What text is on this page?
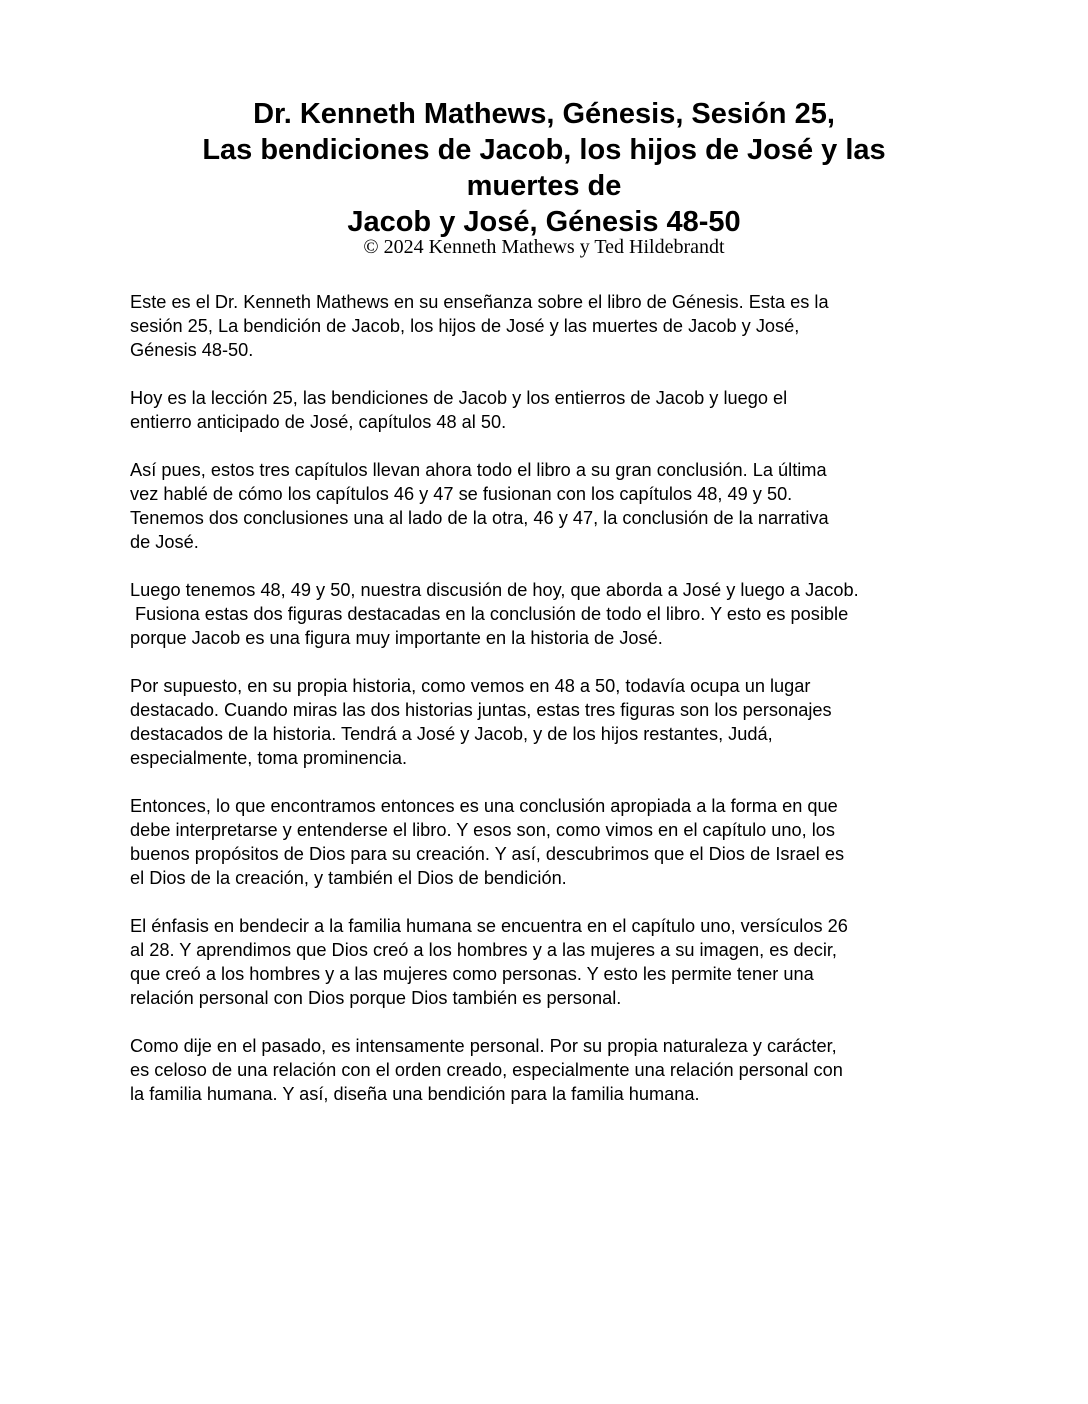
Dr. Kenneth Mathews, Génesis, Sesión 25,
Las bendiciones de Jacob, los hijos de José y las
muertes de
Jacob y José, Génesis 48-50
© 2024 Kenneth Mathews y Ted Hildebrandt

Este es el Dr. Kenneth Mathews en su enseñanza sobre el libro de Génesis. Esta es la
sesión 25, La bendición de Jacob, los hijos de José y las muertes de Jacob y José,
Génesis 48-50.

Hoy es la lección 25, las bendiciones de Jacob y los entierros de Jacob y luego el
entierro anticipado de José, capítulos 48 al 50.

Así pues, estos tres capítulos llevan ahora todo el libro a su gran conclusión. La última
vez hablé de cómo los capítulos 46 y 47 se fusionan con los capítulos 48, 49 y 50.
Tenemos dos conclusiones una al lado de la otra, 46 y 47, la conclusión de la narrativa
de José.

Luego tenemos 48, 49 y 50, nuestra discusión de hoy, que aborda a José y luego a Jacob.
Fusiona estas dos figuras destacadas en la conclusión de todo el libro. Y esto es posible
porque Jacob es una figura muy importante en la historia de José.

Por supuesto, en su propia historia, como vemos en 48 a 50, todavía ocupa un lugar
destacado. Cuando miras las dos historias juntas, estas tres figuras son los personajes
destacados de la historia. Tendrá a José y Jacob, y de los hijos restantes, Judá,
especialmente, toma prominencia.

Entonces, lo que encontramos entonces es una conclusión apropiada a la forma en que
debe interpretarse y entenderse el libro. Y esos son, como vimos en el capítulo uno, los
buenos propósitos de Dios para su creación. Y así, descubrimos que el Dios de Israel es
el Dios de la creación, y también el Dios de bendición.

El énfasis en bendecir a la familia humana se encuentra en el capítulo uno, versículos 26
al 28. Y aprendimos que Dios creó a los hombres y a las mujeres a su imagen, es decir,
que creó a los hombres y a las mujeres como personas. Y esto les permite tener una
relación personal con Dios porque Dios también es personal.

Como dije en el pasado, es intensamente personal. Por su propia naturaleza y carácter,
es celoso de una relación con el orden creado, especialmente una relación personal con
la familia humana. Y así, diseña una bendición para la familia humana.
